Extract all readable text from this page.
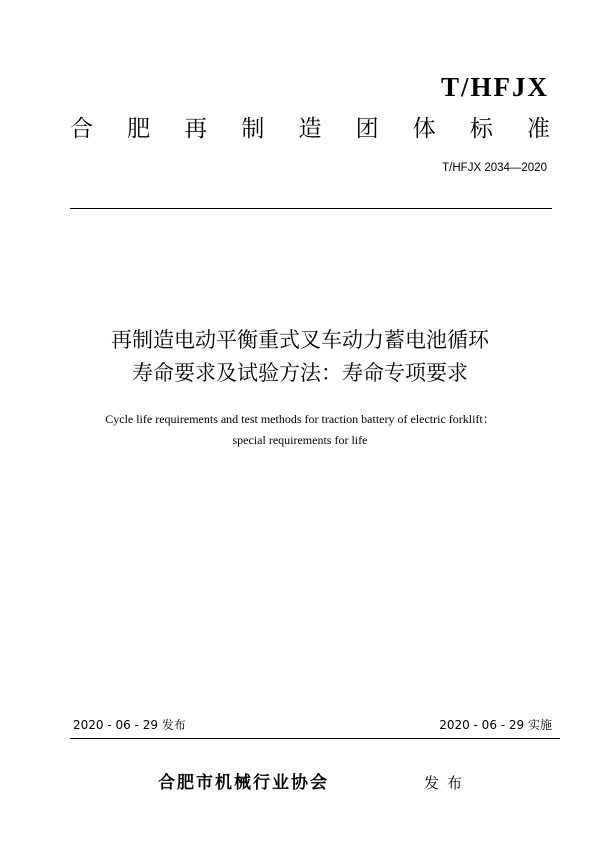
T/HFJX
合 肥 再 制 造 团 体 标 准
T/HFJX 2034—2020
再制造电动平衡重式叉车动力蓄电池循环
寿命要求及试验方法：寿命专项要求
Cycle life requirements and test methods for traction battery of electric forklift：
special requirements for life
2020 - 06 - 29 发布	2020 - 06 - 29 实施
合肥市机械行业协会	发布
